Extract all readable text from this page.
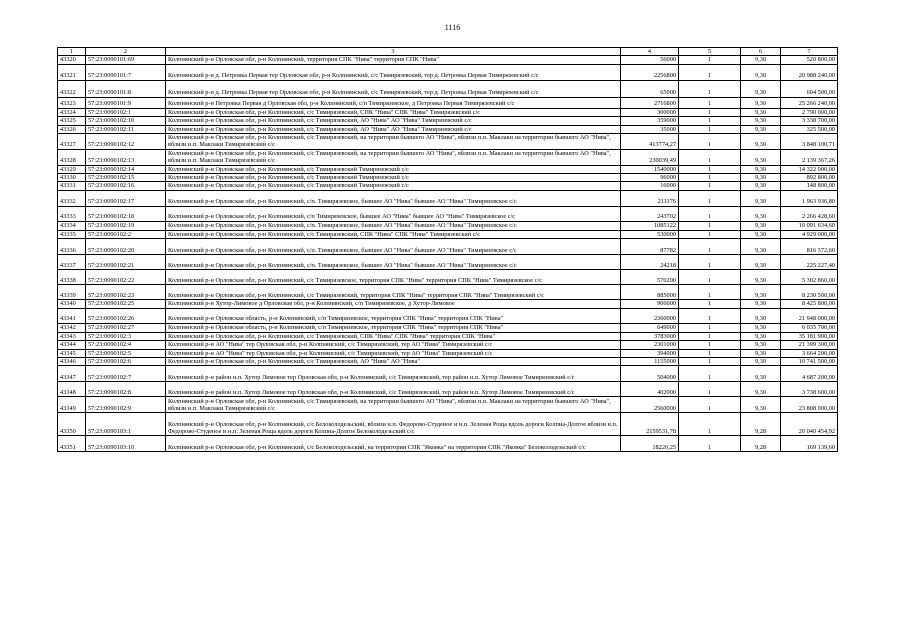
1116
1	2	3	4	5	6	7
43320	57:23:0090101:69	Колпнянский р-н Орловская обл, р-н Колпнянский, территория СПК "Нива" территория СПК "Нива"	56000	1	9,30	520 800,00
43321	57:23:0090101:7	Колпнянский р-н д. Петровка Первая тер Орловская обл, р-н Колпнянский, с/с Тимирязевский, тер д. Петровка Первая Тимирязевский с/с	2256800	1	9,30	20 988 240,00
43322	57:23:0090101:8	Колпнянский р-н д. Петровка Первая тер Орловская обл, р-н Колпнянский, с/с Тимирязевский, тер д. Петровка Первая Тимирязевский с/с	65000	1	9,30	604 500,00
43323	57:23:0090101:9	Колпнянский р-н Петровка Первая д Орловская обл, р-н Колпнянский, с/п Тимирязевское, д Петровка Первая Тимирязевский с/с	2716800	1	9,30	25 266 240,00
43324	57:23:0090102:1	Колпнянский р-н Орловская обл, р-н Колпнянский, с/с Тимирязевский, СПК "Нива" СПК "Нива" Тимирязевский с/с	300000	1	9,30	2 790 000,00
43325	57:23:0090102:10	Колпнянский р-н Орловская обл, р-н Колпнянский, с/с Тимирязевский, АО "Нива" АО "Нива" Тимирязевский с/с	359000	1	9,30	3 338 700,00
43326	57:23:0090102:11	Колпнянский р-н Орловская обл, р-н Колпнянский, с/с Тимирязевский, АО "Нива" АО "Нива" Тимирязевский с/с	35000	1	9,30	325 500,00
43327	57:23:0090102:12	Колпнянский р-н Орловская обл, р-н Колпнянский, с/с Тимирязевский, на территории бывшего АО "Нива", вблизи н.п. Маклаки на территории бывшего АО "Нива", вблизи н.п. Маклаки Тимирязевский с/с	413774,27	1	9,30	3 848 100,71
43328	57:23:0090102:13	Колпнянский р-н Орловская обл, р-н Колпнянский, с/с Тимирязевский, на территории бывшего АО "Нива", вблизи н.п. Маклаки на территории бывшего АО "Нива", вблизи н.п. Маклаки Тимирязевский с/с	230039,49	1	9,30	2 139 367,26
43329	57:23:0090102:14	Колпнянский р-н Орловская обл, р-н Колпнянский, с/с Тимирязевский Тимирязевский с/с	1540000	1	9,30	14 322 000,00
43330	57:23:0090102:15	Колпнянский р-н Орловская обл, р-н Колпнянский, с/с Тимирязевский Тимирязевский с/с	96000	1	9,30	892 800,00
43331	57:23:0090102:16	Колпнянский р-н Орловская обл, р-н Колпнянский, с/с Тимирязевский Тимирязевский с/с	16000	1	9,30	148 800,00
43332	57:23:0090102:17	Колпнянский р-н Орловская обл, р-н Колпнянский, с/п. Тимирязевское, бывшее АО "Нива" бывшее АО "Нива" Тимирязевское с/с	211176	1	9,30	1 963 936,80
43333	57:23:0090102:18	Колпнянский р-н Орловская обл, р-н Колпнянский, с/п Тимирязевское, бывшее АО "Нива" бывшее АО "Нива" Тимирязевское с/с	243702	1	9,30	2 266 428,60
43334	57:23:0090102:19	Колпнянский р-н Орловская обл, р-н Колпнянский, с/п. Тимирязевское, бывшее АО "Нива" бывшее АО "Нива" Тимирязевское с/с	1085122	1	9,30	10 091 634,60
43335	57:23:0090102:2	Колпнянский р-н Орловская обл, р-н Колпнянский, с/с Тимирязевский, СПК "Нива" СПК "Нива" Тимирязевский с/с	530000	1	9,30	4 929 000,00
43336	57:23:0090102:20	Колпнянский р-н Орловская обл, р-н Колпнянский, с/п. Тимирязевское, бывшее АО "Нива" бывшее АО "Нива" Тимирязевское с/с	87782	1	9,30	816 372,60
43337	57:23:0090102:21	Колпнянский р-н Орловская обл, р-н Колпнянский, с/п. Тимирязевское, бывшее АО "Нива" бывшее АО "Нива" Тимирязевское с/с	24218	1	9,30	225 227,40
43338	57:23:0090102:22	Колпнянский р-н Орловская обл, р-н Колпнянский, с/с Тимирязевское, территория СПК "Нива" территория СПК "Нива" Тимирязевское с/с	570200	1	9,30	5 302 860,00
43339	57:23:0090102:23	Колпнянский р-н Орловская обл, р-н Колпнянский, с/с Тимирязевский, территория СПК "Нива" территория СПК "Нива" Тимирязевский с/с	885000	1	9,30	8 230 500,00
43340	57:23:0090102:25	Колпнянский р-н Хутор-Лимовое д Орловская обл, р-н Колпнянский, с/п Тимирязевское, д Хутор-Лимовое	906000	1	9,30	8 425 800,00
43341	57:23:0090102:26	Колпнянский р-н Орловская область, р-н Колпнянский, с/п Тимирязевское, территория СПК "Нива" территория СПК "Нива"	2360000	1	9,30	21 948 000,00
43342	57:23:0090102:27	Колпнянский р-н Орловская область, р-н Колпнянский, с/п Тимирязевское, территория СПК "Нива" территория СПК "Нива"	649000	1	9,30	6 035 700,00
43343	57:23:0090102:3	Колпнянский р-н Орловская обл, р-н Колпнянский, с/с Тимирязевский, СПК "Нива" СПК "Нива" территория СПК "Нива"	3783000	1	9,30	35 181 900,00
43344	57:23:0090102:4	Колпнянский р-н АО "Нива" тер Орловская обл, р-н Колпнянский, с/с Тимирязевский, тер АО "Нива" Тимирязевский с/с	2301000	1	9,30	21 399 300,00
43345	57:23:0090102:5	Колпнянский р-н АО "Нива" тер Орловская обл, р-н Колпнянский, с/с Тимирязевский, тер АО "Нива" Тимирязевский с/с	394000	1	9,30	3 664 200,00
43346	57:23:0090102:6	Колпнянский р-н Орловская обл, р-н Колпнянский, с/с Тимирязевский, АО "Нива" АО "Нива"	1155000	1	9,30	10 741 500,00
43347	57:23:0090102:7	Колпнянский р-н район н.п. Хутор Лимовое тер Орловская обл, р-н Колпнянский, с/с Тимирязевский, тер район н.п. Хутор Лимовое Тимирязевский с/с	504000	1	9,30	4 687 200,00
43348	57:23:0090102:8	Колпнянский р-н район н.п. Хутор Лимовое тер Орловская обл, р-н Колпнянский, с/с Тимирязевский, тер район н.п. Хутор Лимовое Тимирязевский с/с	402000	1	9,30	3 738 600,00
43349	57:23:0090102:9	Колпнянский р-н Орловская обл, р-н Колпнянский, с/с Тимирязевский, на территории бывшего АО "Нива", вблизи н.п. Маклаки на территории бывшего АО "Нива", вблизи н.п. Маклаки Тимирязевский с/с	2560000	1	9,30	23 808 000,00
43350	57:23:0090103:1	Колпнянский р-н Орловская обл, р-н Колпнянский, с/с Белоколодезьский, вблизи н.п. Федорово-Студеное и н.п. Зеленая Роща вдоль дороги Колпна-Долгое вблизи н.п. Федорово-Студеное и н.п. Зеленая Роща вдоль дороги Колпна-Долгое Белоколодезьский с/с	2159531,78	1	9,28	20 040 454,92
43351	57:23:0090103:10	Колпнянский р-н Орловская обл, р-н Колпнянский, с/с Белоколодезьский, на территории СПК "Яковка" на территории СПК "Яковка" Белоколодезьский с/с	18226,25	1	9,28	169 139,60
